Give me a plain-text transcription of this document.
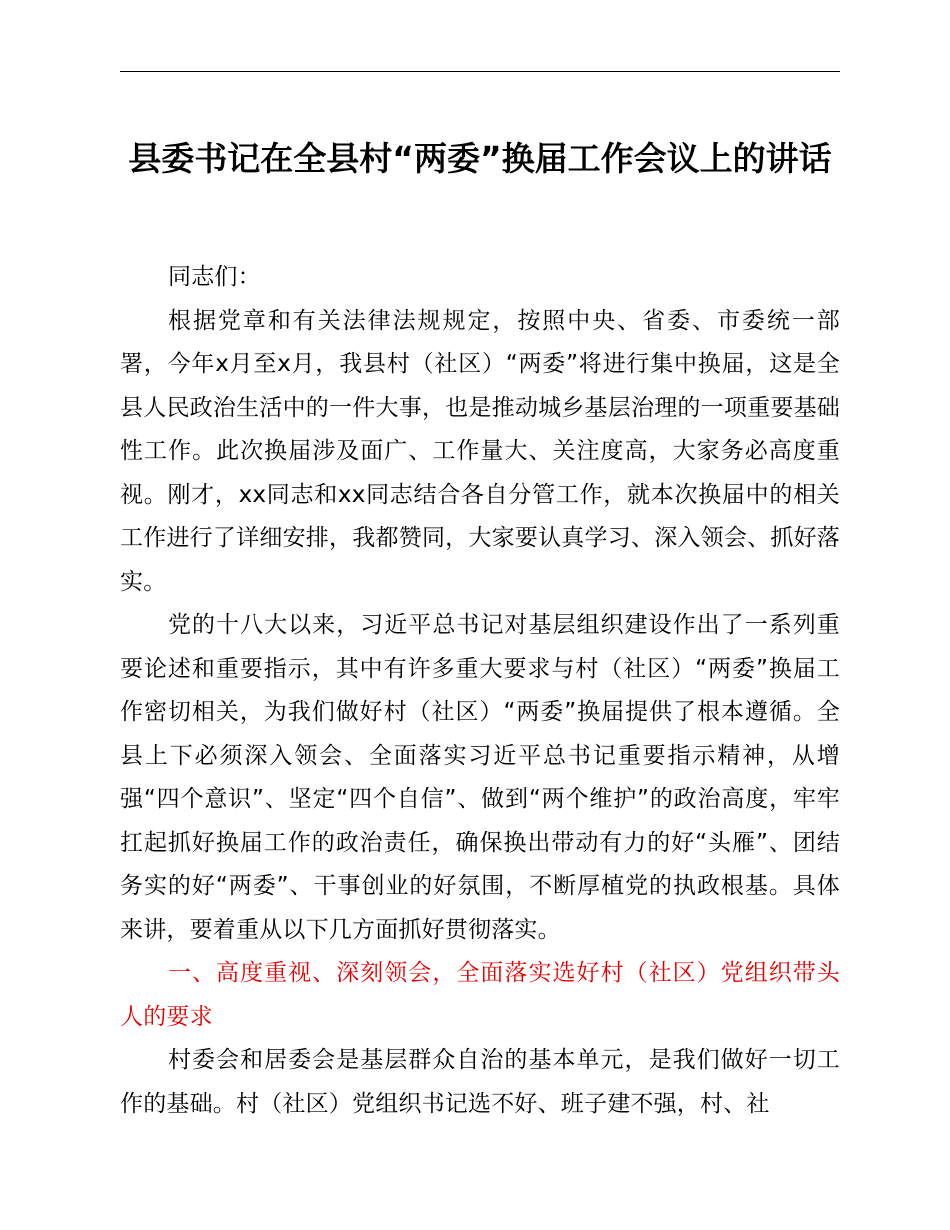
县委书记在全县村“两委”换届工作会议上的讲话

同志们：

根据党章和有关法律法规规定，按照中央、省委、市委统一部署，今年x月至x月，我县村（社区）“两委”将进行集中换届，这是全县人民政治生活中的一件大事，也是推动城乡基层治理的一项重要基础性工作。此次换届涉及面广、工作量大、关注度高，大家务必高度重视。刚才，xx同志和xx同志结合各自分管工作，就本次换届中的相关工作进行了详细安排，我都赞同，大家要认真学习、深入领会、抓好落实。

党的十八大以来，习近平总书记对基层组织建设作出了一系列重要论述和重要指示，其中有许多重大要求与村（社区）“两委”换届工作密切相关，为我们做好村（社区）“两委”换届提供了根本遵循。全县上下必须深入领会、全面落实习近平总书记重要指示精神，从增强“四个意识”、坚定“四个自信”、做到“两个维护”的政治高度，牢牢扛起抓好换届工作的政治责任，确保换出带动有力的好“头雁”、团结务实的好“两委”、干事创业的好氛围，不断厚植党的执政根基。具体来讲，要着重从以下几方面抓好贯彻落实。

一、高度重视、深刻领会，全面落实选好村（社区）党组织带头人的要求

村委会和居委会是基层群众自治的基本单元，是我们做好一切工作的基础。村（社区）党组织书记选不好、班子建不强，村、社
